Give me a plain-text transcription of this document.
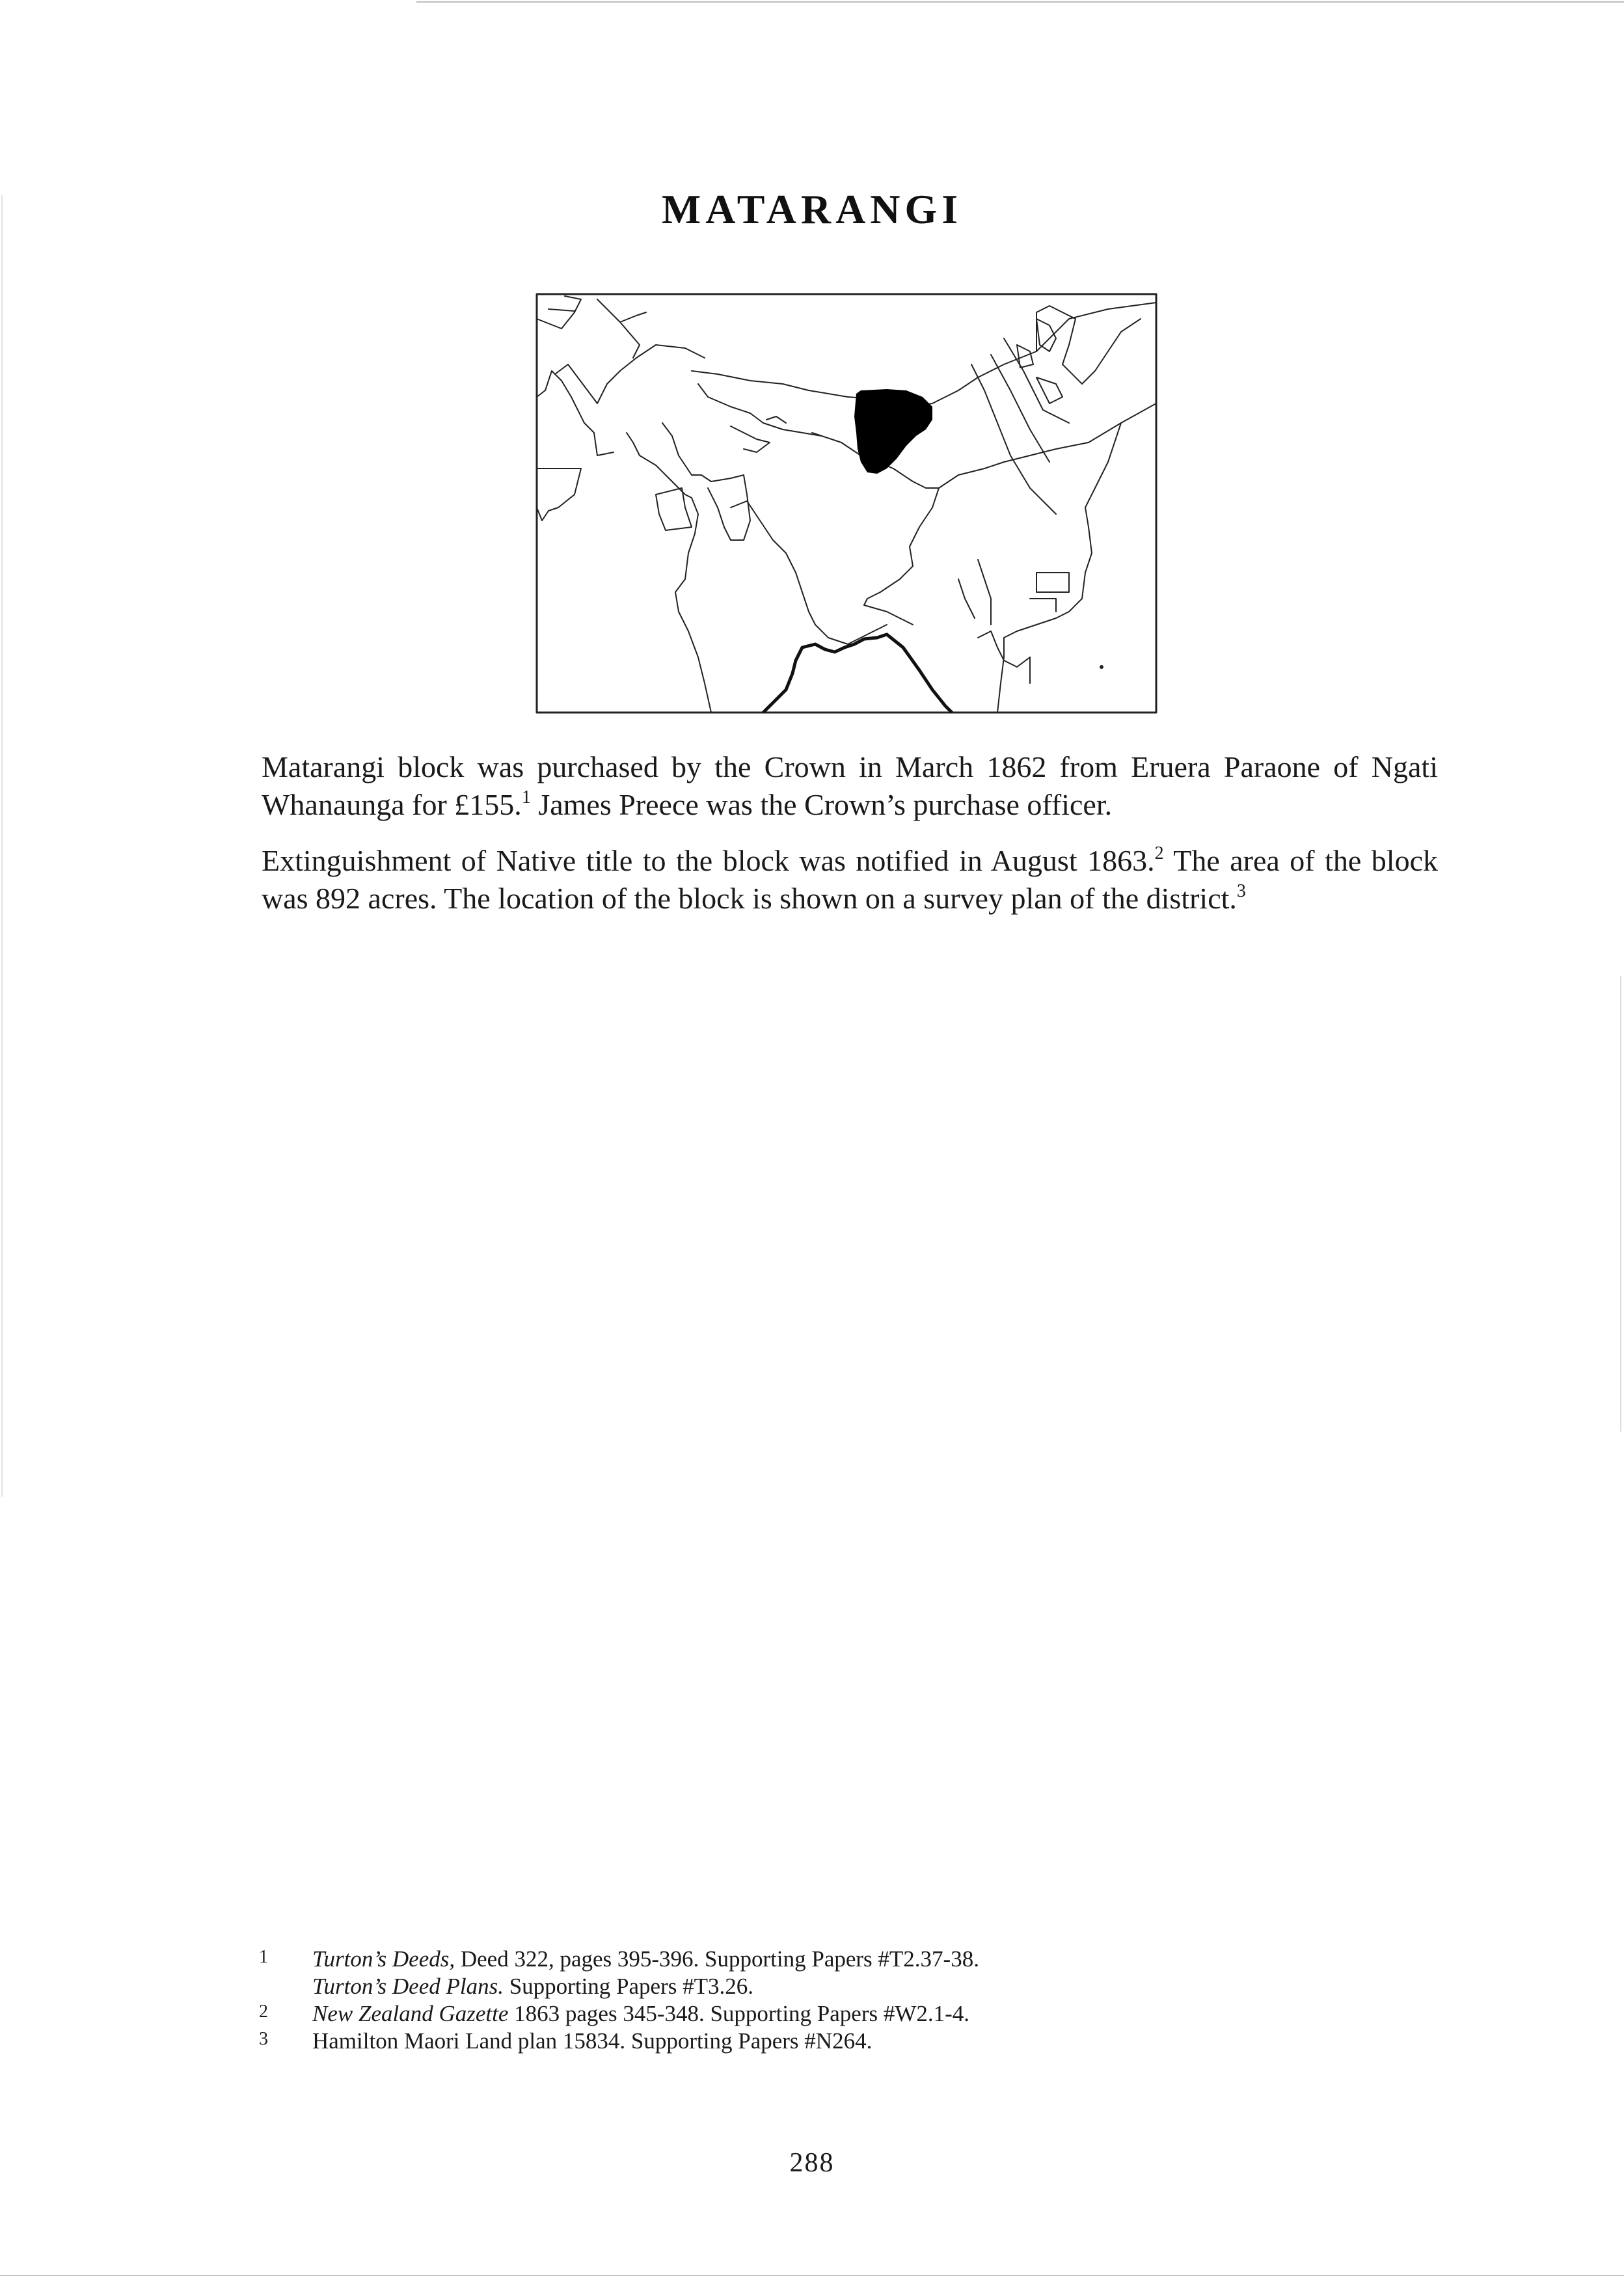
MATARANGI

Matarangi block was purchased by the Crown in March 1862 from Eruera Paraone of Ngati Whanaunga for £155.$^1$ James Preece was the Crown’s purchase officer.

Extinguishment of Native title to the block was notified in August 1863.$^2$ The area of the block was 892 acres. The location of the block is shown on a survey plan of the district.$^3$

1	Turton’s Deeds, Deed 322, pages 395-396. Supporting Papers #T2.37-38.
Turton’s Deed Plans. Supporting Papers #T3.26.
2	New Zealand Gazette 1863 pages 345-348. Supporting Papers #W2.1-4.
3	Hamilton Maori Land plan 15834. Supporting Papers #N264.
288
